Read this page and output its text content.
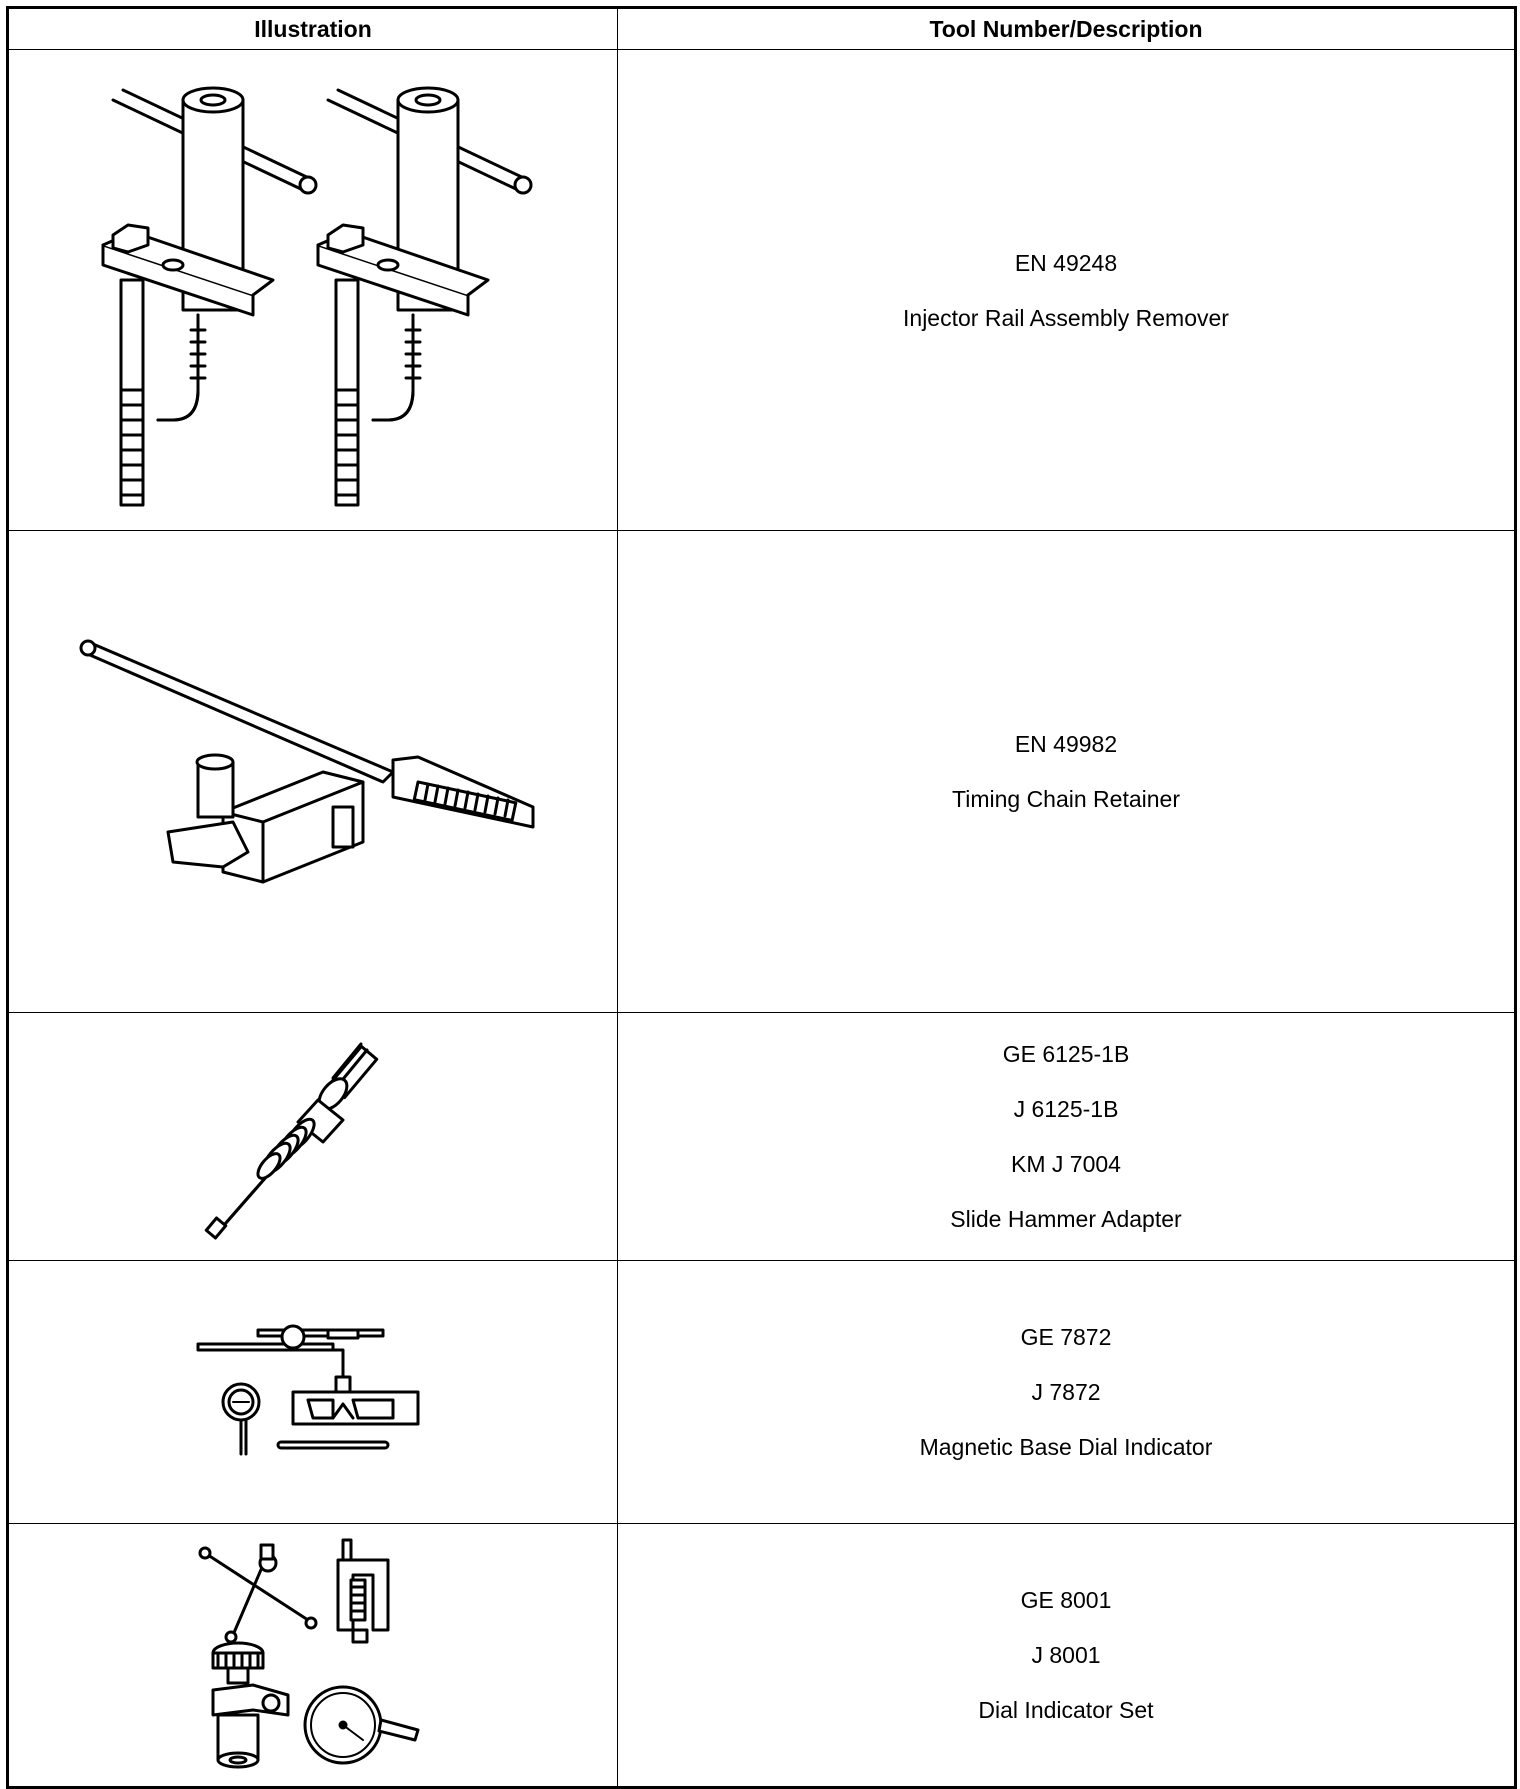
Illustration	Tool Number/Description

EN 49248
Injector Rail Assembly Remover

EN 49982
Timing Chain Retainer

GE 6125-1B
J 6125-1B
KM J 7004
Slide Hammer Adapter

GE 7872
J 7872
Magnetic Base Dial Indicator

GE 8001
J 8001
Dial Indicator Set
